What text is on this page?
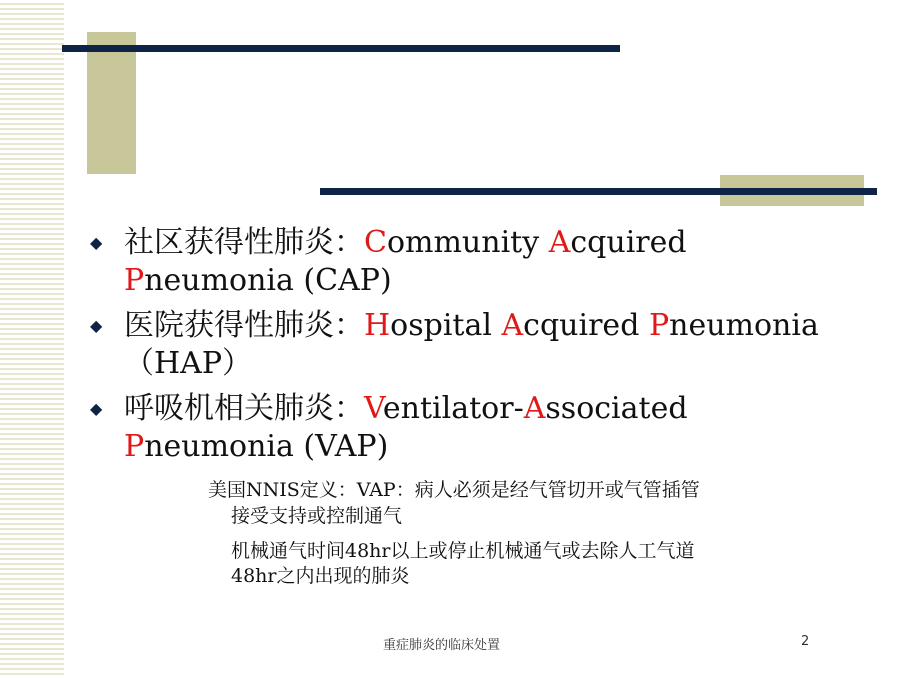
◆ 社区获得性肺炎：Community Acquired
Pneumonia (CAP)
◆ 医院获得性肺炎：Hospital Acquired Pneumonia
（HAP）
◆ 呼吸机相关肺炎：Ventilator-Associated
Pneumonia (VAP)
美国NNIS定义：VAP：病人必须是经气管切开或气管插管
接受支持或控制通气
机械通气时间48hr以上或停止机械通气或去除人工气道
48hr之内出现的肺炎
重症肺炎的临床处置	2
